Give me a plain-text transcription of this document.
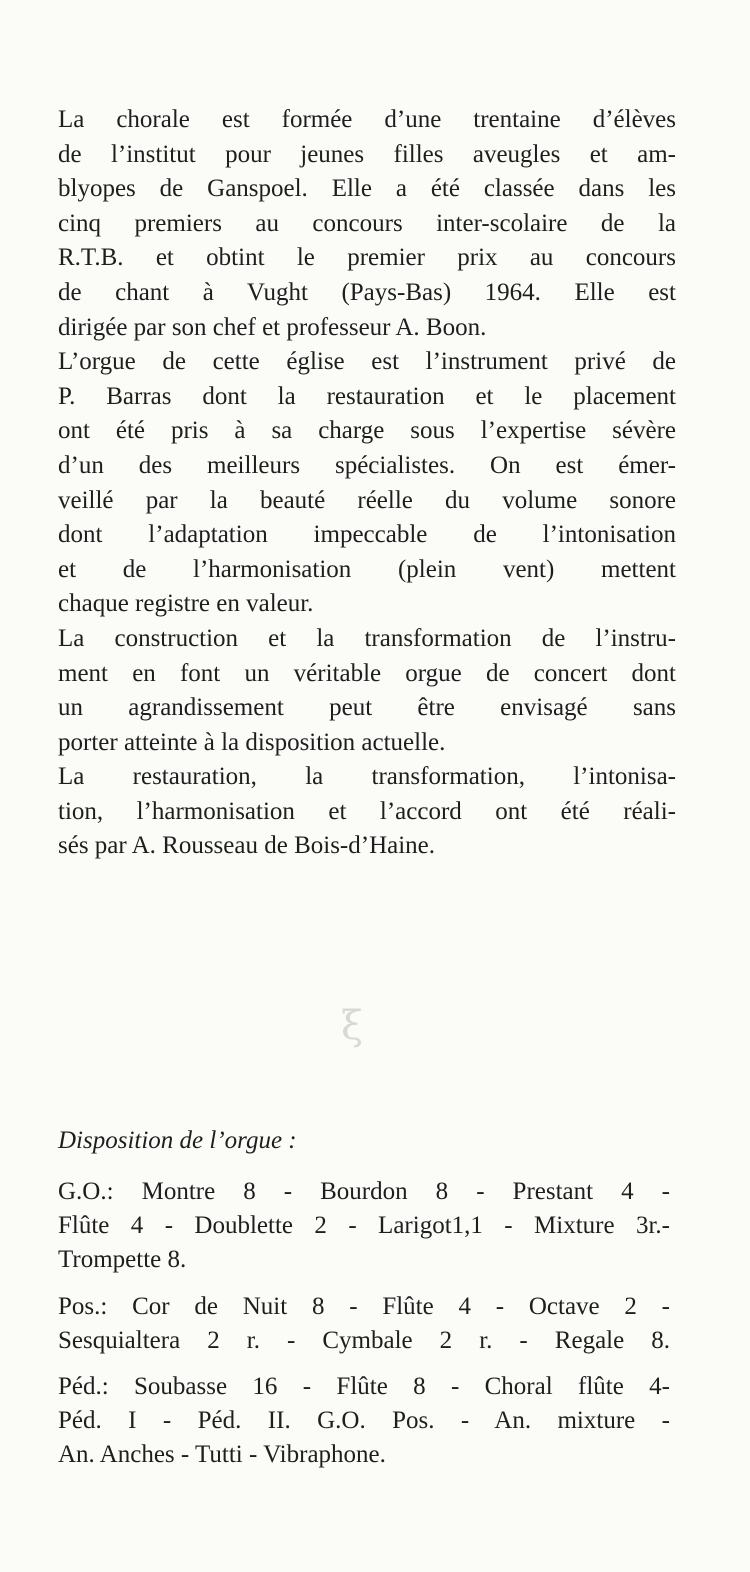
La chorale est formée d’une trentaine d’élèves
de l’institut pour jeunes filles aveugles et am-
blyopes de Ganspoel. Elle a été classée dans les
cinq premiers au concours inter-scolaire de la
R.T.B. et obtint le premier prix au concours
de chant à Vught (Pays-Bas) 1964. Elle est
dirigée par son chef et professeur A. Boon.
L’orgue de cette église est l’instrument privé de
P. Barras dont la restauration et le placement
ont été pris à sa charge sous l’expertise sévère
d’un des meilleurs spécialistes. On est émer-
veillé par la beauté réelle du volume sonore
dont l’adaptation impeccable de l’intonisation
et de l’harmonisation (plein vent) mettent
chaque registre en valeur.
La construction et la transformation de l’instru-
ment en font un véritable orgue de concert dont
un agrandissement peut être envisagé sans
porter atteinte à la disposition actuelle.
La restauration, la transformation, l’intonisa-
tion, l’harmonisation et l’accord ont été réali-
sés par A. Rousseau de Bois-d’Haine.
ξ
Disposition de l’orgue :
G.O.: Montre 8 - Bourdon 8 - Prestant 4 -
Flûte 4 - Doublette 2 - Larigot1,1 - Mixture 3r.-
Trompette 8.
Pos.: Cor de Nuit 8 - Flûte 4 - Octave 2 -
Sesquialtera 2 r. - Cymbale 2 r. - Regale 8.
Péd.: Soubasse 16 - Flûte 8 - Choral flûte 4-
Péd. I - Péd. II. G.O. Pos. - An. mixture -
An. Anches - Tutti - Vibraphone.
